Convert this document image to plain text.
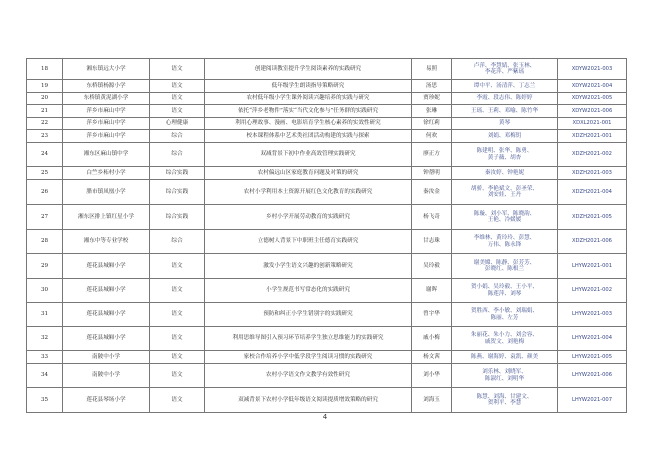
18	湘东镇远大小学	语文	创建阅读教室提升学生阅读素养的实践研究	易照	卢萍、李慧婧、张玉林、
李花萍、严紫瑶	XDYW2021-003
19	东桥镇杨源小学	语文	低年级学生朗读指导策略研究	汤思	谭中平、汤清萍、丁志兰	XDYW2021-004
20	东桥镇黄泥湖小学	语文	农村低年级小学生课外阅读兴趣培养的实践与研究	贾珍妮	李霞、段志伟、陈婷婷	XDYW2021-005
21	萍乡市麻山中学	语文	依托“萍乡老物件”落实“当代文化参与”任务群的实践研究	张琳	王瑶、王莉、邓喻、陈竹华	XDYW2021-006
22	萍乡市麻山中学	心理健康	利用心理故事、漫画、电影培育学生核心素养的实效性研究	徐红莉	黄琴	XDXL2021-001
23	萍乡市麻山中学	综合	校本课程体系中艺术类社团活动构建的实践与探索	何欢	刘娟、邓梅钥	XDZH2021-001
24	湘东区麻山镇中学	综合	双减背景下初中作业高效管理实践研究	廖正方	陈建明、张华、陈勇、
黄子薇、胡杏	XDZH2021-002
25	白竺乡柘村小学	综合实践	农村偏远山区家庭教育问题及对策的研究	钟帮明	秦汝婷、钟艳妮	XDZH2021-003
26	腊市镇凤凰小学	综合实践	农村小学利用本土资源开展红色文化教育的实践研究	秦汝金	胡骄、李艳斌文、彭圣荣、
刘安娃、王丹	XDZH2021-004
27	湘东区排上镇红星小学	综合实践	乡村小学开展劳动教育的实践研究	杨飞奇	陈璇、刘小军、陈晓韵、
王艳、冷媛媛	XDZH2021-005
28	湘东中等专业学校	综合	立德树人背景下中职班主任德育实践研究	甘志珠	李维林、黄玲玲、彭慧、
万伟、陈永锋	XDZH2021-006
29	莲花县城厢小学	语文	激发小学生语文兴趣的创新策略研究	吴玲毅	谢美嫦、陈静、彭芳芳、
彭晓红、陈根兰	LHYW2021-001
30	莲花县城厢小学	语文	小学生规范书写常态化的实践研究	谢晖	贺小娟、吴玲毅、王小平、
陈莲萍、刘琴	LHYW2021-002
31	莲花县城厢小学	语文	预防和纠正小学生错别字的实践研究	曾宇华	贺胜西、李小敏、刘瑞娟、
陈丽、左芳	LHYW2021-003
32	莲花县城厢小学	语文	利用思维导图引入预习环节培养学生独立思维能力的实践研究	戚小梅	朱丽花、朱小力、刘会容、
戚贺文、刘艳梅	LHYW2021-004
33	南陂中小学	语文	家校合作培养小学中低学段学生阅读习惯的实践研究	杨文茜	陈燕、谢海婷、袁凯、颜美	LHYW2021-005
34	南陂中小学	语文	农村小学语文作文教学有效性研究	刘小华	刘乐林、刘晓军、
陈淑红、刘明华	LHYW2021-006
35	莲花县琴场小学	语文	双减背景下农村小学低年级语文阅读提质增效策略的研究	刘海玉	陈慧、刘海、甘建文、
贺利平、李慧	LHYW2021-007
4
